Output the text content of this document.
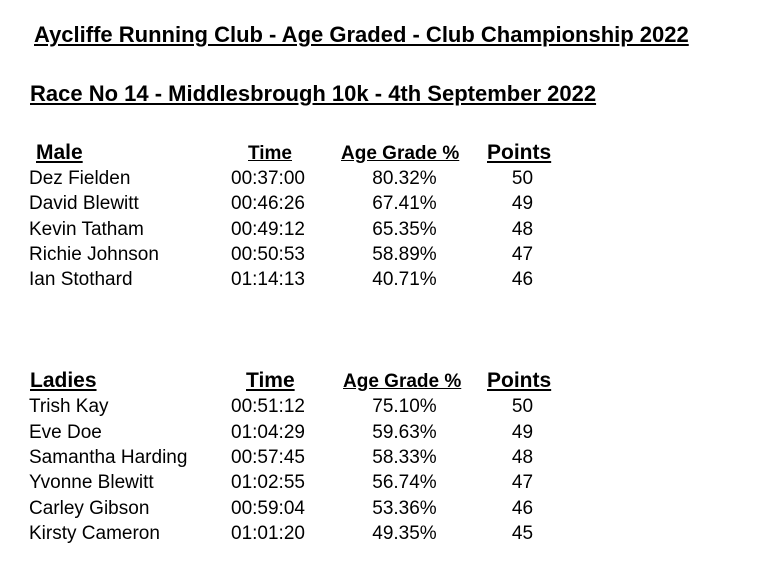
Aycliffe Running Club - Age Graded - Club Championship 2022
Race No 14 - Middlesbrough 10k - 4th September 2022
Male	Time	Age Grade % Points
Dez Fielden	00:37:00	80.32%	50
David Blewitt	00:46:26	67.41%	49
Kevin Tatham	00:49:12	65.35%	48
Richie Johnson	00:50:53	58.89%	47
Ian Stothard	01:14:13	40.71%	46
Ladies	Time	Age Grade % Points
Trish Kay	00:51:12	75.10%	50
Eve Doe	01:04:29	59.63%	49
Samantha Harding 00:57:45	58.33%	48
Yvonne Blewitt	01:02:55	56.74%	47
Carley Gibson	00:59:04	53.36%	46
Kirsty Cameron	01:01:20	49.35%	45
